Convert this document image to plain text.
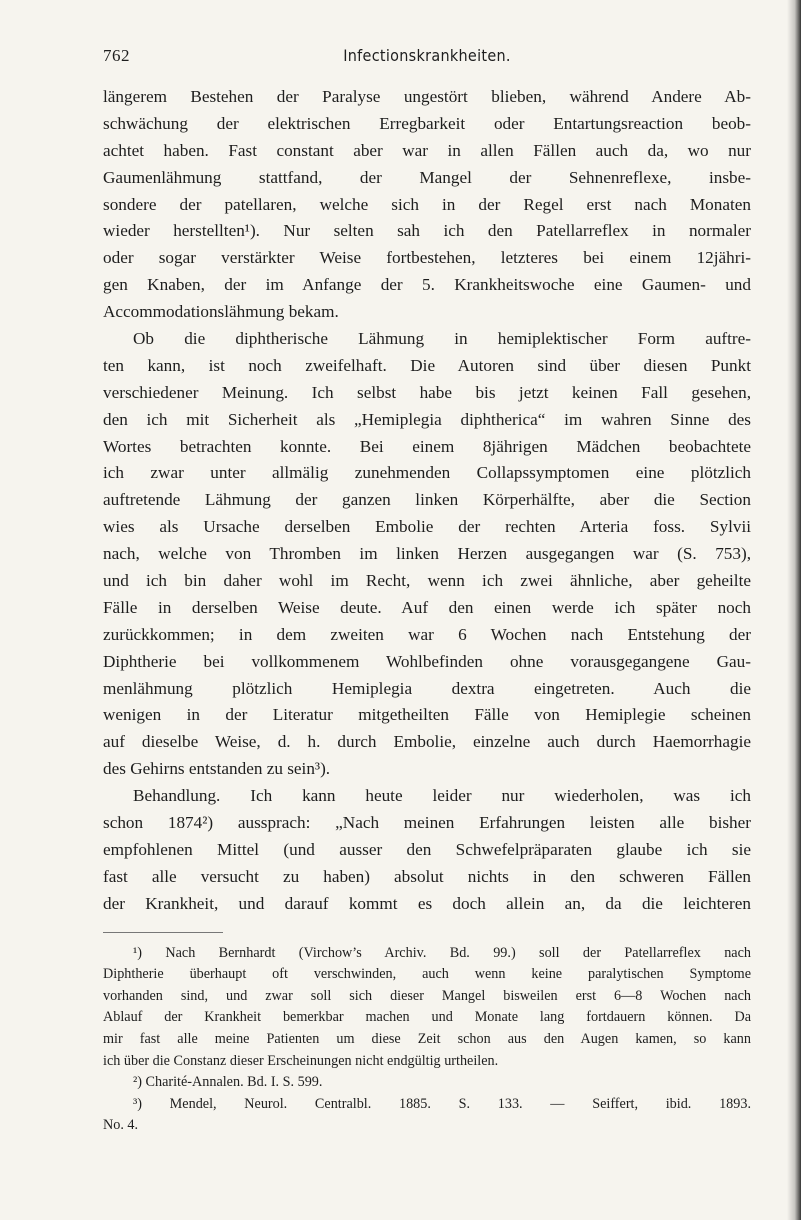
762	Infectionskrankheiten.
längerem Bestehen der Paralyse ungestört blieben, während Andere Ab-
schwächung der elektrischen Erregbarkeit oder Entartungsreaction beob-
achtet haben. Fast constant aber war in allen Fällen auch da, wo nur
Gaumenlähmung stattfand, der Mangel der Sehnenreflexe, insbe-
sondere der patellaren, welche sich in der Regel erst nach Monaten
wieder herstellten¹). Nur selten sah ich den Patellarreflex in normaler
oder sogar verstärkter Weise fortbestehen, letzteres bei einem 12jähri-
gen Knaben, der im Anfange der 5. Krankheitswoche eine Gaumen- und
Accommodationslähmung bekam.
Ob die diphtherische Lähmung in hemiplektischer Form auftre-
ten kann, ist noch zweifelhaft. Die Autoren sind über diesen Punkt
verschiedener Meinung. Ich selbst habe bis jetzt keinen Fall gesehen,
den ich mit Sicherheit als „Hemiplegia diphtherica“ im wahren Sinne des
Wortes betrachten konnte. Bei einem 8jährigen Mädchen beobachtete
ich zwar unter allmälig zunehmenden Collapssymptomen eine plötzlich
auftretende Lähmung der ganzen linken Körperhälfte, aber die Section
wies als Ursache derselben Embolie der rechten Arteria foss. Sylvii
nach, welche von Thromben im linken Herzen ausgegangen war (S. 753),
und ich bin daher wohl im Recht, wenn ich zwei ähnliche, aber geheilte
Fälle in derselben Weise deute. Auf den einen werde ich später noch
zurückkommen; in dem zweiten war 6 Wochen nach Entstehung der
Diphtherie bei vollkommenem Wohlbefinden ohne vorausgegangene Gau-
menlähmung plötzlich Hemiplegia dextra eingetreten. Auch die
wenigen in der Literatur mitgetheilten Fälle von Hemiplegie scheinen
auf dieselbe Weise, d. h. durch Embolie, einzelne auch durch Haemorrhagie
des Gehirns entstanden zu sein³).
Behandlung. Ich kann heute leider nur wiederholen, was ich
schon 1874²) aussprach: „Nach meinen Erfahrungen leisten alle bisher
empfohlenen Mittel (und ausser den Schwefelpräparaten glaube ich sie
fast alle versucht zu haben) absolut nichts in den schweren Fällen
der Krankheit, und darauf kommt es doch allein an, da die leichteren
¹) Nach Bernhardt (Virchow’s Archiv. Bd. 99.) soll der Patellarreflex nach
Diphtherie überhaupt oft verschwinden, auch wenn keine paralytischen Symptome
vorhanden sind, und zwar soll sich dieser Mangel bisweilen erst 6—8 Wochen nach
Ablauf der Krankheit bemerkbar machen und Monate lang fortdauern können. Da
mir fast alle meine Patienten um diese Zeit schon aus den Augen kamen, so kann
ich über die Constanz dieser Erscheinungen nicht endgültig urtheilen.
²) Charité-Annalen. Bd. I. S. 599.
³) Mendel, Neurol. Centralbl. 1885. S. 133. — Seiffert, ibid. 1893.
No. 4.
